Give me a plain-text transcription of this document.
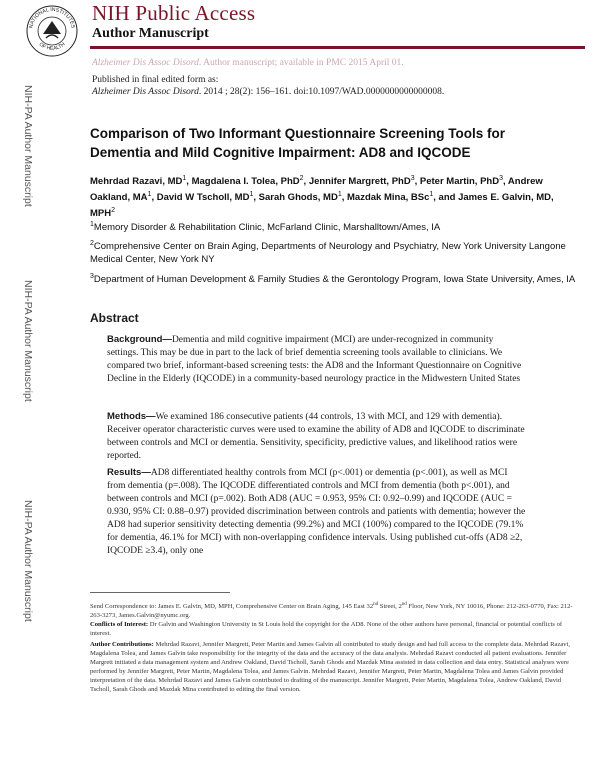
NATIONAL INSTITUTES
OF HEALTH
NIH Public Access
Author Manuscript
Alzheimer Dis Assoc Disord. Author manuscript; available in PMC 2015 April 01.
Published in final edited form as:
Alzheimer Dis Assoc Disord. 2014 ; 28(2): 156–161. doi:10.1097/WAD.0000000000000008.
NIH-PA Author Manuscript
NIH-PA Author Manuscript
NIH-PA Author Manuscript
Comparison of Two Informant Questionnaire Screening Tools for Dementia and Mild Cognitive Impairment: AD8 and IQCODE
Mehrdad Razavi, $MD^1$, Magdalena I. Tolea, PhD$^2$, Jennifer Margrett, PhD$^3$, Peter Martin, PhD$^3$, Andrew Oakland, $MA^1$, David W Tscholl, $MD^1$, Sarah Ghods, $MD^1$, Mazdak Mina, BSc$^1$, and James E. Galvin, MD, MPH$^2$
$^1$Memory Disorder & Rehabilitation Clinic, McFarland Clinic, Marshalltown/Ames, IA
$^2$Comprehensive Center on Brain Aging, Departments of Neurology and Psychiatry, New York University Langone Medical Center, New York NY
$^3$Department of Human Development & Family Studies & the Gerontology Program, Iowa State University, Ames, IA
Abstract
Background—Dementia and mild cognitive impairment (MCI) are under-recognized in community settings. This may be due in part to the lack of brief dementia screening tools available to clinicians. We compared two brief, informant-based screening tests: the AD8 and the Informant Questionnaire on Cognitive Decline in the Elderly (IQCODE) in a community-based neurology practice in the Midwestern United States
Methods—We examined 186 consecutive patients (44 controls, 13 with MCI, and 129 with dementia). Receiver operator characteristic curves were used to examine the ability of AD8 and IQCODE to discriminate between controls and MCI or dementia. Sensitivity, specificity, predictive values, and likelihood ratios were reported.
Results—AD8 differentiated healthy controls from MCI (p<.001) or dementia (p<.001), as well as MCI from dementia (p=.008). The IQCODE differentiated controls and MCI from dementia (both p<.001), and between controls and MCI (p=.002). Both AD8 (AUC = 0.953, 95% CI: 0.92–0.99) and IQCODE (AUC = 0.930, 95% CI: 0.88–0.97) provided discrimination between controls and patients with dementia; however the AD8 had superior sensitivity detecting dementia (99.2%) and MCI (100%) compared to the IQCODE (79.1% for dementia, 46.1% for MCI) with non-overlapping confidence intervals. Using published cut-offs (AD8 ≥2, IQCODE ≥3.4), only one
Send Correspondence to: James E. Galvin, MD, MPH, Comprehensive Center on Brain Aging, 145 East 32nd Street, 2nd Floor, New York, NY 10016, Phone: 212-263-0770, Fax: 212-263-3273, James.Galvin@nyumc.org.
Conflicts of Interest: Dr Galvin and Washington University in St Louis hold the copyright for the AD8. None of the other authors have personal, financial or potential conflicts of interest.
Author Contributions: Mehrdad Razavi, Jennifer Margrett, Peter Martin and James Galvin all contributed to study design and had full access to the complete data. Mehrdad Razavi, Magdalena Tolea, and James Galvin take responsibility for the integrity of the data and the accuracy of the data analysis. Mehrdad Razavi conducted all patient evaluations. Jennifer Margrett initiated a data management system and Andrew Oakland, David Tscholl, Sarah Ghods and Mazdak Mina assisted in data collection and data entry. Statistical analyses were performed by Jennifer Margrett, Peter Martin, Magdalena Tolea, and James Galvin. Mehrdad Razavi, Jennifer Margrett, Peter Martin, Magdalena Tolea and James Galvin provided interpretation of the data. Mehrdad Razavi and James Galvin contributed to drafting of the manuscript. Jennifer Margrett, Peter Martin, Magdalena Tolea, Andrew Oakland, David Tscholl, Sarah Ghods and Mazdak Mina contributed to editing the final version.
